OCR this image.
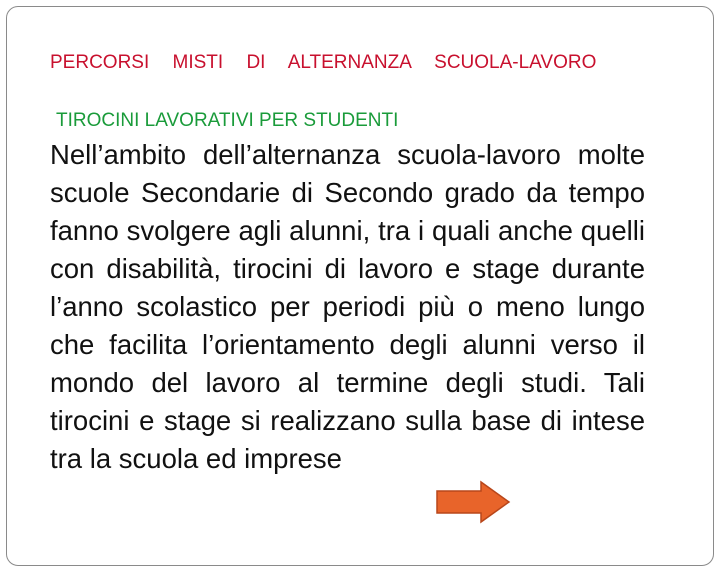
PERCORSI MISTI DI ALTERNANZA SCUOLA-LAVORO
TIROCINI LAVORATIVI PER STUDENTI
Nell’ambito dell’alternanza scuola-lavoro molte scuole Secondarie di Secondo grado da tempo fanno svolgere agli alunni, tra i quali anche quelli con disabilità, tirocini di lavoro e stage durante l’anno scolastico per periodi più o meno lungo che facilita l’orientamento degli alunni verso il mondo del lavoro al termine degli studi. Tali tirocini e stage si realizzano sulla base di intese tra la scuola ed imprese
